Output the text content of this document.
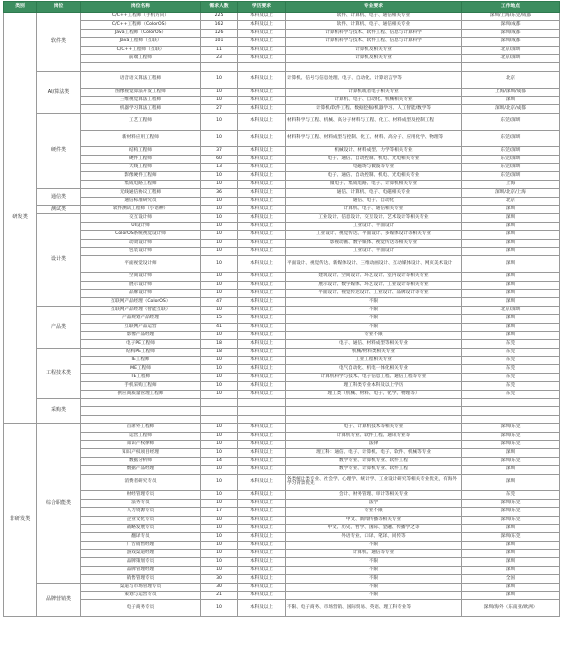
类别	岗位	岗位名称	需求人数	学历要求	专业要求	工作地点
研发类	软件类	C/C++工程师（手机方向）	225	本科及以上	软件、计算机、电子、通信相关专业	深圳/上海/东莞/成都
		C/C++工程师（ColorOS）	162	本科及以上	软件、计算机、电子、通信相关专业	深圳/成都
		Java工程师（ColorOS）	126	本科及以上	计算机科学与技术、软件工程、信息与计算科学	深圳/成都
		Java工程师（互联）	101	本科及以上	计算机科学与技术、软件工程、信息与计算科学	深圳/成都
		C/C++工程师（互联）	11	本科及以上	计算机及相关专业	北京/深圳
		前端工程师	23	本科及以上	计算机及相关专业	北京/深圳

	AI/算法类	语音语义算法工程师	10	本科及以上	计算机、信号与信息处理、电子、自动化、计算语言学等	北京
		图像视觉算法开发工程师	10	本科及以上	计算机或者电子相关专业	上海/深圳/成都
		三维视觉算法工程师	10	本科及以上	计算机、电子、自动化、机械相关专业	深圳
		机器学习算法工程师	27	本科及以上	计算机/软件工程、数据挖掘/机器学习、人工智能/数学等	深圳/北京/成都
	硬件类	工艺工程师	10	本科及以上	材料科学与工程、机械、高分子材料与工程、化工、材料成型及控制工程	东莞/深圳
		新材料应用工程师	10	本科及以上	材料科学与工程、材料成型与控制、化工、材料、高分子、应用化学、物理等	东莞/深圳
		结构工程师	37	本科及以上	机械设计、材料成型、力学等相关专业	东莞/深圳
		硬件工程师	60	本科及以上	电子、通信、自动控制、机电、光电相关专业	东莞/深圳
		天线工程师	13	本科及以上	电磁场与微波等专业	东莞/深圳
		影像硬件工程师	10	本科及以上	电子、通信、自动控制、机电、光电相关专业	东莞/深圳
		集成电路工程师	10	本科及以上	微电子、集成电路、电子、计算机相关专业	上海
	通信类	无线通信协议工程师	36	本科及以上	通信、计算机、电子、电磁相关专业	深圳/北京/上海
		通信标准研究员	10	本科及以上	通信、电子、自动化	北京
	测试类	软件测试工程师（小语种）	10	本科及以上	计算机、电子、通信相关专业	深圳
	设计类	交互设计师	10	本科及以上	工业设计、信息设计、交互设计、艺术设计等相关专业	深圳
		UI设计师	10	本科及以上	工业设计、平面设计	深圳
		ColorOS系统视觉设计师	10	本科及以上	工业设计、视觉传达、平面设计、多媒体设计等相关专业	深圳
		动效设计师	10	本科及以上	影视动画、数字媒体、视觉传达等相关专业	深圳
		包装设计师	10	本科及以上	工业设计、平面设计	深圳
		平面视觉设计师	10	本科及以上	平面设计、视觉传达、新媒体设计、三维动画设计、互动媒体设计、网页美术设计	深圳
		空间设计师	10	本科及以上	建筑设计、空间设计、环艺设计、室内设计等相关专业	深圳
		展示设计师	10	本科及以上	展示设计、数字媒体、环艺设计、工业设计等相关专业	深圳
		品牌设计师	10	本科及以上	平面设计、视觉传达设计、工业设计、品牌设计等专业	深圳
		互联网产品经理（ColorOS）	47	本科及以上	不限	深圳
	产品类	互联网产品经理（智能互联）	10	本科及以上	不限	北京/深圳
		产品规划产品经理	15	本科及以上	不限	深圳
		互联网产品运营	41	本科及以上	不限	深圳
		影像产品经理	10	本科及以上	专业不限	深圳
		电子PE工程师	18	本科及以上	电子、通信、材料成型等相关专业	东莞
	工程技术类	结构PE工程师	18	本科及以上	机械/材料类相关专业	东莞
		IE工程师	10	本科及以上	工业工程相关专业	东莞
		ME工程师	10	本科及以上	电气自动化、机电一体化相关专业	东莞
		TE工程师	10	本科及以上	计算机科学与技术、电子信息工程、通信工程等专业	东莞
		手机采购工程师	10	本科及以上	理工科类专业本科及以上学历	东莞
		供应商质量管理工程师	10	本科及以上	理工类（机械、材料、电子、化学、物理等）	东莞
	采购类					

非研发类	综合职能类	首席外工程师	10	本科及以上	电子、计算机技术等相关专业	深圳/东莞
		运营工程师	10	本科及以上	计算机专业、软件工程、通讯专业等	深圳/东莞
		知识产权律师	10	本科及以上	法律	深圳/东莞
		知识产权项目经理	10	本科及以上	理工科：通信、电子、计算机、电子、软件、机械等专业	深圳
		数据分析师	14	本科及以上	数学专业、计算机专业、软件工程	深圳/东莞
		数据产品经理	10	本科及以上	数学专业、计算机专业、软件工程	深圳
		消费者研究专员	10	本科及以上	各类统计类专业、社会学、心理学、统计学、工业设计研究等相关专业优先，有海外学习背景优先	深圳
		财经管理专员	10	本科及以上	会计、财务管理、审计等相关专业	东莞
		法务专员	10	本科及以上	法学	深圳/东莞
		人力资源专员	17	本科及以上	专业不限	深圳/东莞
		企业文化专员	10	本科及以上	中文、新闻传播等相关专业	深圳/东莞
		战略发展专员	10	本科及以上	中文、历史、哲学、国际、金融、传播学之等	深圳
		翻译专员	10	本科及以上	外语专业、口译、笔译、同传等	深圳/东莞
		广告销售经理	10	本科及以上	不限	深圳
		游戏渠道经理	10	本科及以上	计算机、通信等专业	深圳
		品牌策划专员	10	本科及以上	不限	深圳
		品牌管理经理	10	本科及以上	不限	深圳
		销售管理专员	30	本科及以上	不限	全国
	品牌营销类	渠道与市场管理专员	30	本科及以上	不限	深圳
		策划与运营专员	21	本科及以上	不限	深圳
		电子商务专员	10	本科及以上	不限、电子商务、市场营销、国际贸易、英语、理工科专业等	深圳/海外（东南亚/欧洲）
